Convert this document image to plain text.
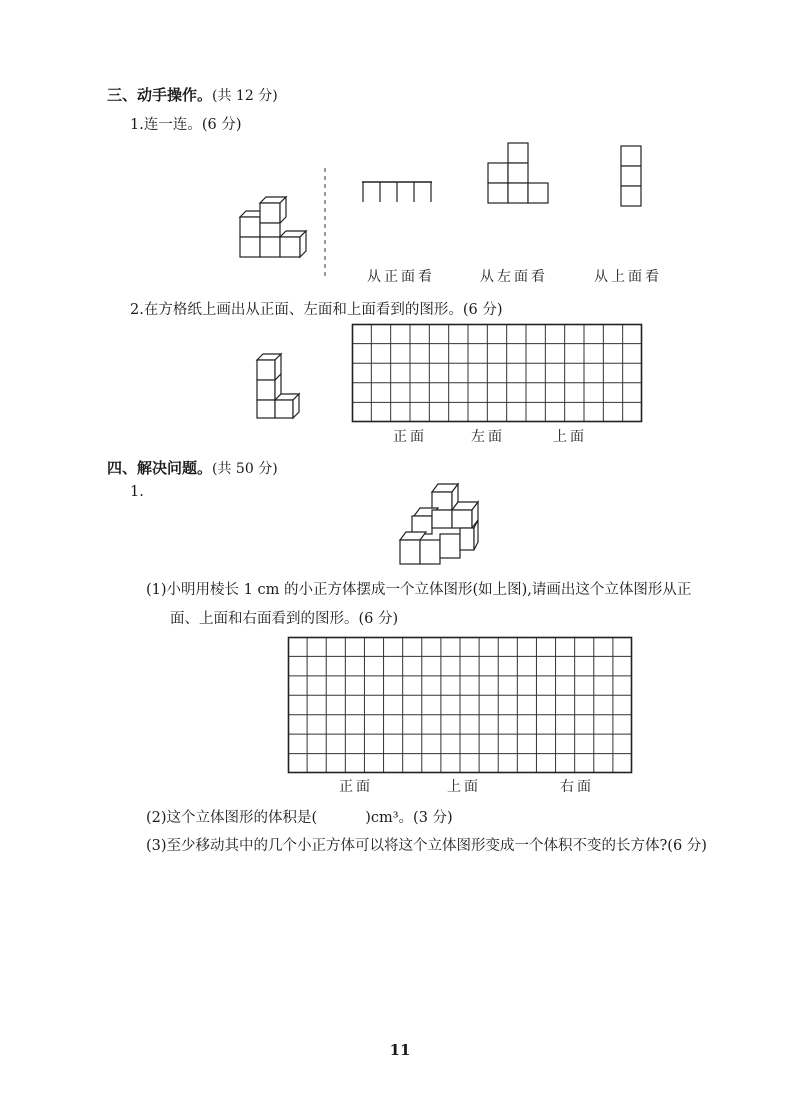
三、动手操作。(共 12 分)
1.连一连。(6 分)
从正面看	从左面看	从上面看
2.在方格纸上画出从正面、左面和上面看到的图形。(6 分)
正面	左面	上面
四、解决问题。(共 50 分)
1.
(1)小明用棱长 1 cm 的小正方体摆成一个立体图形(如上图),请画出这个立体图形从正
面、上面和右面看到的图形。(6 分)
正面	上面	右面
(2)这个立体图形的体积是(	)cm³。(3 分)
(3)至少移动其中的几个小正方体可以将这个立体图形变成一个体积不变的长方体?(6 分)
11
